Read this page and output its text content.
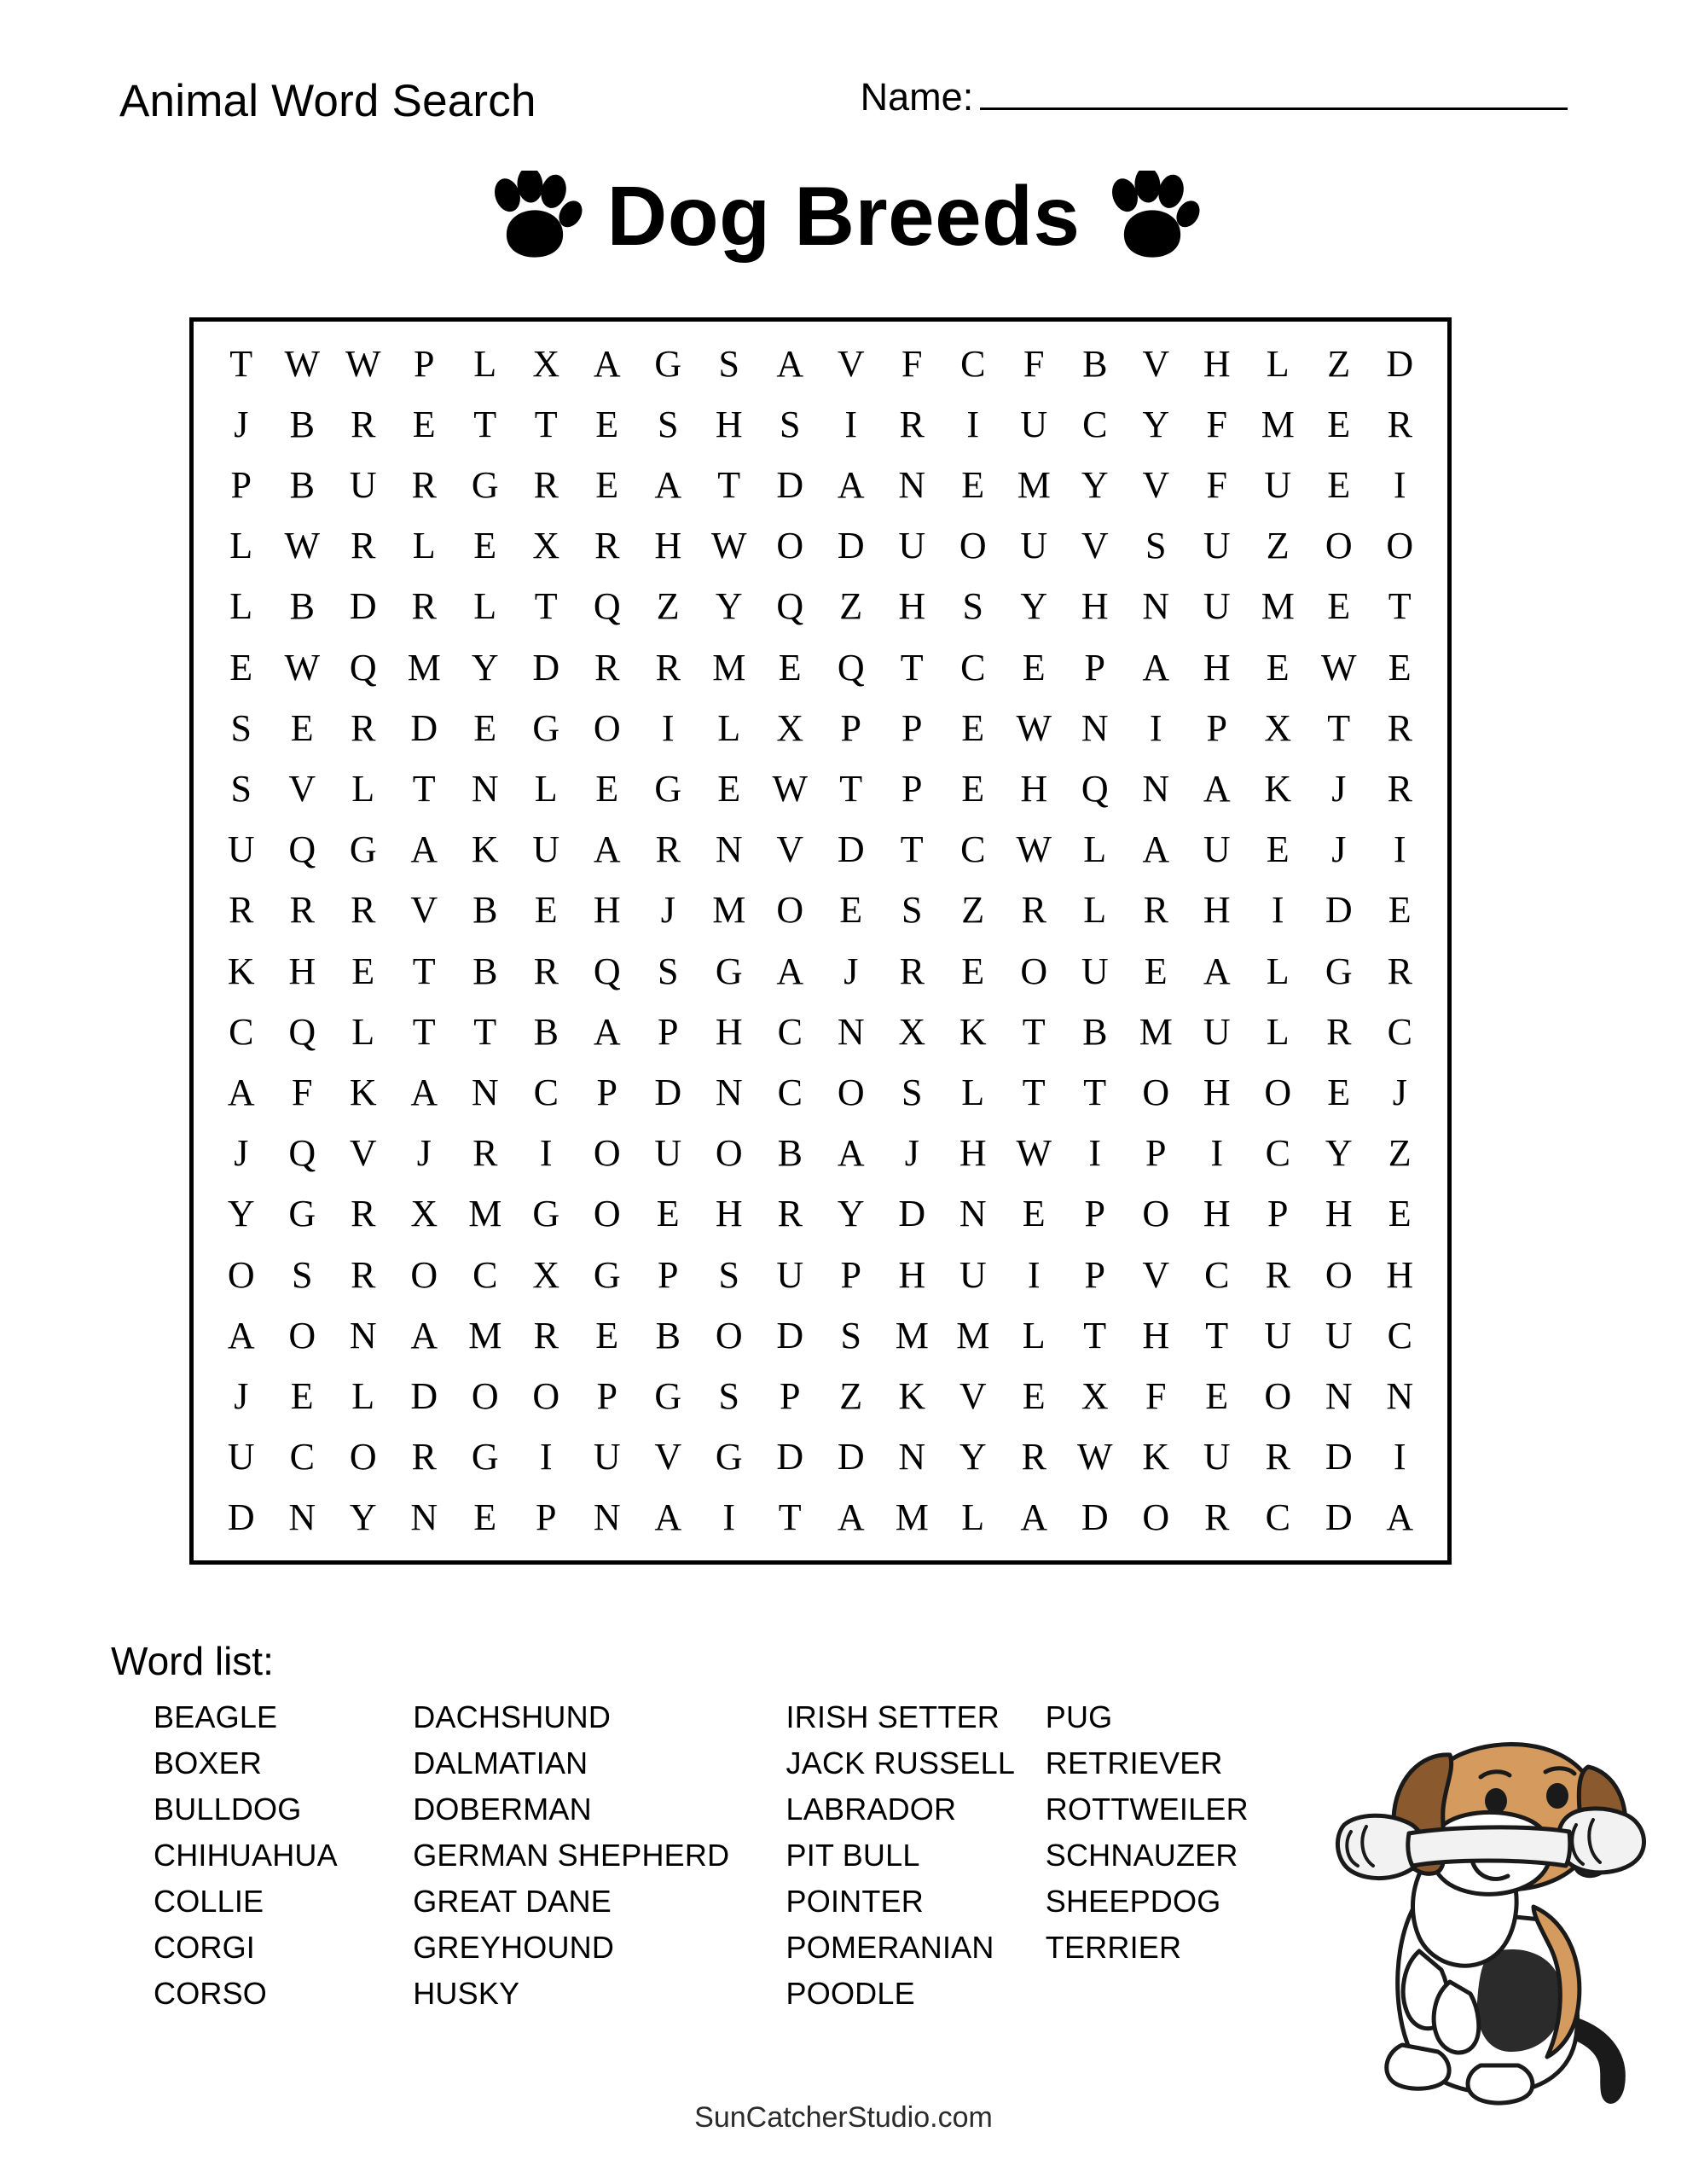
Animal Word Search	Name:
Dog Breeds
T W W P	L X A G S A V F	C	F	B V H L	Z D
J	B R E	T	T	E	S H S	I	R	I	U C Y F M E R
P	B U R G R E A T D A N E M Y V F U E	I
L W R L	E X R H W O D U O U V S U Z O O
L B D R L	T Q Z Y Q Z H S Y H N U M E	T
E W Q M Y D R R M E Q T C E	P A H E W E
S	E R D E G O	I	L X P	P	E W N	I	P X T R
S V L	T N L	E G E W T	P	E H Q N A K	J	R
U Q G A K U A R N V D T C W L A U E	J	I
R R R V B E H	J M O E	S	Z R L R H	I	D E
K H E	T B R Q S G A	J	R E O U E A L G R
C Q L	T	T B A P H C N X K T B M U L R C
A F K A N C	P D N C O S	L	T	T O H O E	J
J	Q V	J	R	I	O U O B A	J	H W I	P	I	C Y Z
Y G R X M G O E H R Y D N E	P O H P H E
O S	R O C X G P	S U P H U	I	P V C R O H
A O N A M R E B O D S M M L	T H T U U C
J	E	L D O O P G S	P	Z K V E X F	E O N N
U C O R G	I	U V G D D N Y R W K U R D	I
D N Y N E	P N A	I	T A M L A D O R C D A
Word list:
BEAGLE
BOXER
BULLDOG
CHIHUAHUA
COLLIE
CORGI
CORSO
DACHSHUND
DALMATIAN
DOBERMAN
GERMAN SHEPHERD
GREAT DANE
GREYHOUND
HUSKY
IRISH SETTER
JACK RUSSELL
LABRADOR
PIT BULL
POINTER
POMERANIAN
POODLE
PUG
RETRIEVER
ROTTWEILER
SCHNAUZER
SHEEPDOG
TERRIER
SunCatcherStudio.com
